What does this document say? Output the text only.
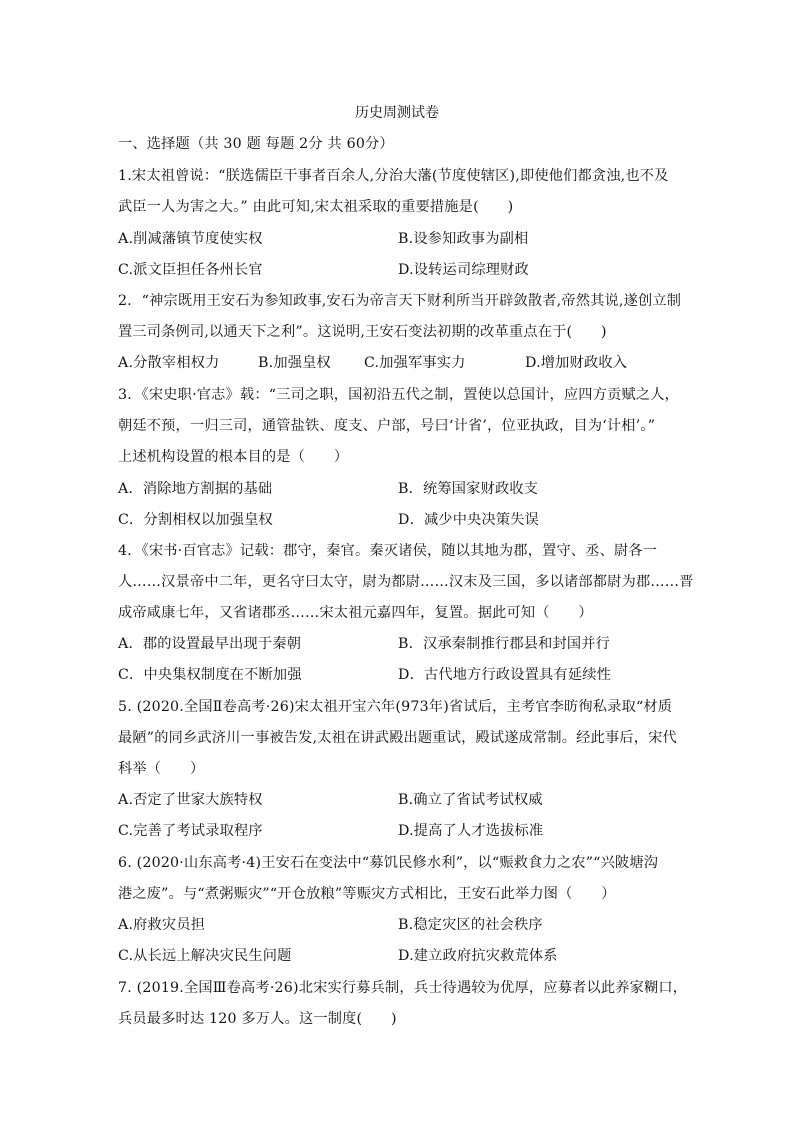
历史周测试卷
一、选择题（共 30 题 每题 2分 共 60分）
1.宋太祖曾说：“朕选儒臣干事者百余人,分治大藩(节度使辖区),即使他们都贪浊,也不及
武臣一人为害之大。” 由此可知,宋太祖采取的重要措施是(　　)
A.削减藩镇节度使实权	B.设参知政事为副相
C.派文臣担任各州长官	D.设转运司综理财政
2．“神宗既用王安石为参知政事,安石为帝言天下财利所当开辟敛散者,帝然其说,遂创立制
置三司条例司,以通天下之利”。这说明,王安石变法初期的改革重点在于(　　)
A.分散宰相权力	B.加强皇权 C.加强军事实力	D.增加财政收入
3．《宋史职·官志》载：“三司之职，国初沿五代之制，置使以总国计，应四方贡赋之人，
朝廷不预，一归三司，通管盐铁、度支、户部，号曰‘计省’，位亚执政，目为‘计相’。”
上述机构设置的根本目的是（　　）
A．消除地方割据的基础	B．统筹国家财政收支
C．分割相权以加强皇权	D．减少中央决策失误
4．《宋书·百官志》记载：郡守，秦官。秦灭诸侯，随以其地为郡，置守、丞、尉各一
人……汉景帝中二年，更名守曰太守，尉为都尉……汉末及三国，多以诸部都尉为郡……晋
成帝咸康七年，又省诸郡丞……宋太祖元嘉四年，复置。据此可知（　　）
A．郡的设置最早出现于秦朝	B．汉承秦制推行郡县和封国并行
C．中央集权制度在不断加强	D．古代地方行政设置具有延续性
5. (2020.全国Ⅱ卷高考·26)宋太祖开宝六年(973年)省试后，主考官李昉徇私录取“材质
最陋”的同乡武济川一事被告发,太祖在讲武殿出题重试，殿试遂成常制。经此事后，宋代
科举（　　）
A.否定了世家大族特权	B.确立了省试考试权威
C.完善了考试录取程序	D.提高了人才选拔标准
6. (2020·山东高考·4)王安石在变法中“募饥民修水利”，以“赈救食力之农”“兴陂塘沟
港之废”。与“煮粥赈灾”“开仓放粮”等赈灾方式相比，王安石此举力图（　　）
A.府救灾员担	B.稳定灾区的社会秩序
C.从长远上解决灾民生问题	D.建立政府抗灾救荒体系
7. (2019.全国Ⅲ卷高考·26)北宋实行募兵制，兵士待遇较为优厚，应募者以此养家糊口，
兵员最多时达 120 多万人。这一制度(　　)
